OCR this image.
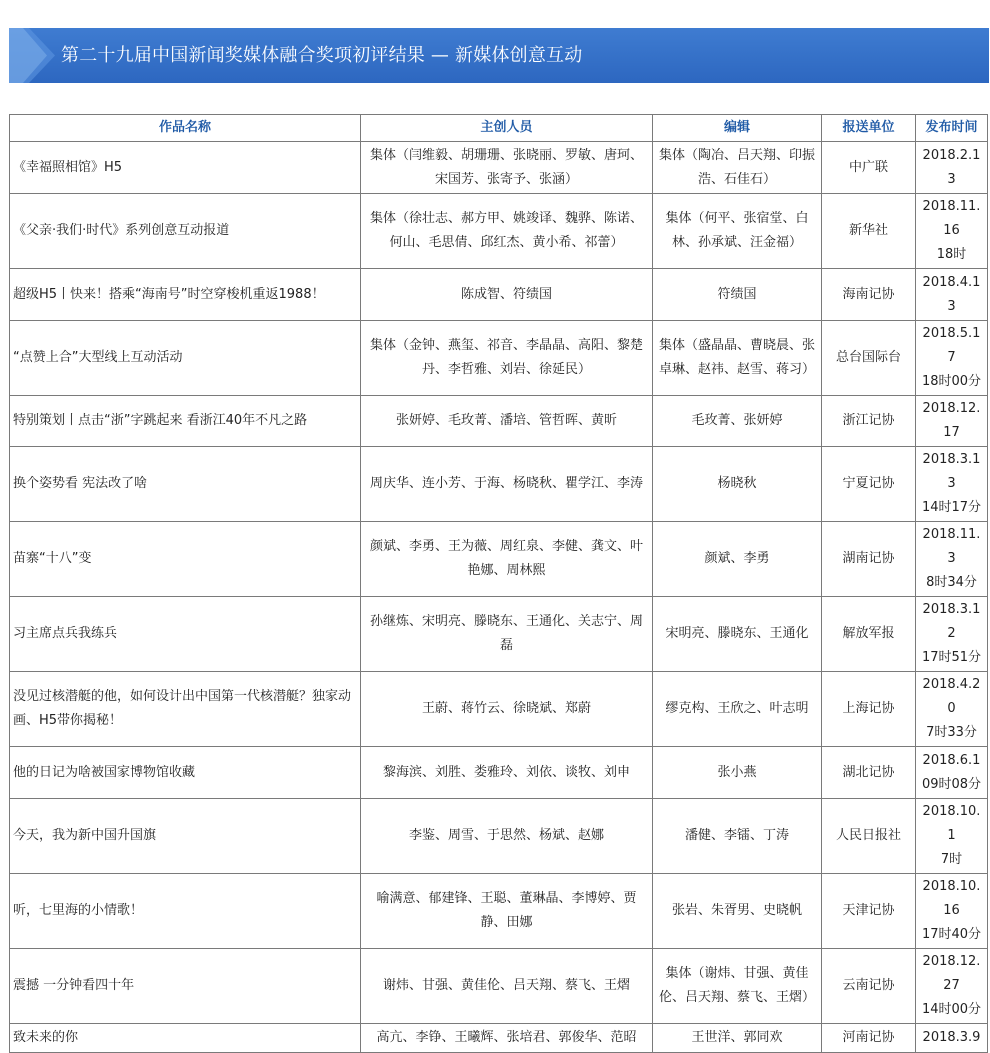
第二十九届中国新闻奖媒体融合奖项初评结果 — 新媒体创意互动
作品名称	主创人员	编辑	报送单位	发布时间
《幸福照相馆》H5	集体（闫维毅、胡珊珊、张晓丽、罗敏、唐珂、宋国芳、张寄予、张涵）	集体（陶冶、吕天翔、印振浩、石佳石）	中广联	2018.2.13

《父亲·我们·时代》系列创意互动报道	集体（徐壮志、郝方甲、姚竣译、魏骅、陈诺、何山、毛思倩、邱红杰、黄小希、祁蕾）	集体（何平、张宿堂、白林、孙承斌、汪金福）	新华社	2018.11.16
18时

超级H5丨快来！搭乘“海南号”时空穿梭机重返1988！	陈成智、符绩国	符绩国	海南记协	2018.4.13

“点赞上合”大型线上互动活动	集体（金钟、燕玺、祁音、李晶晶、高阳、黎楚丹、李哲雅、刘岩、徐延民）	集体（盛晶晶、曹晓晨、张卓琳、赵祎、赵雪、蒋习）	总台国际台	2018.5.17
18时00分

特别策划丨点击“浙”字跳起来 看浙江40年不凡之路	张妍婷、毛玫菁、潘培、管哲晖、黄昕	毛玫菁、张妍婷	浙江记协	2018.12.17

换个姿势看 宪法改了啥	周庆华、连小芳、于海、杨晓秋、瞿学江、李涛	杨晓秋	宁夏记协	2018.3.13
14时17分

苗寨“十八”变	颜斌、李勇、王为薇、周红泉、李健、龚文、叶艳娜、周林熙	颜斌、李勇	湖南记协	2018.11.3
8时34分

习主席点兵我练兵	孙继炼、宋明亮、滕晓东、王通化、关志宁、周磊	宋明亮、滕晓东、王通化	解放军报	2018.3.12
17时51分

没见过核潜艇的他，如何设计出中国第一代核潜艇？独家动画、H5带你揭秘！	王蔚、蒋竹云、徐晓斌、郑蔚	缪克构、王欣之、叶志明	上海记协	2018.4.20
7时33分

他的日记为啥被国家博物馆收藏	黎海滨、刘胜、娄雅玲、刘依、谈牧、刘申	张小燕	湖北记协	2018.6.1
09时08分

今天，我为新中国升国旗	李鉴、周雪、于思然、杨斌、赵娜	潘健、李镭、丁涛	人民日报社	2018.10.1
7时

听，七里海的小情歌！	喻满意、郁建锋、王聪、董琳晶、李博婷、贾静、田娜	张岩、朱胥男、史晓帆	天津记协	2018.10.16
17时40分

震撼 一分钟看四十年	谢炜、甘强、黄佳伦、吕天翔、蔡飞、王熠	集体（谢炜、甘强、黄佳伦、吕天翔、蔡飞、王熠）	云南记协	2018.12.27
14时00分

致未来的你	高亢、李铮、王曦辉、张培君、郭俊华、范昭	王世洋、郭同欢	河南记协	2018.3.9
